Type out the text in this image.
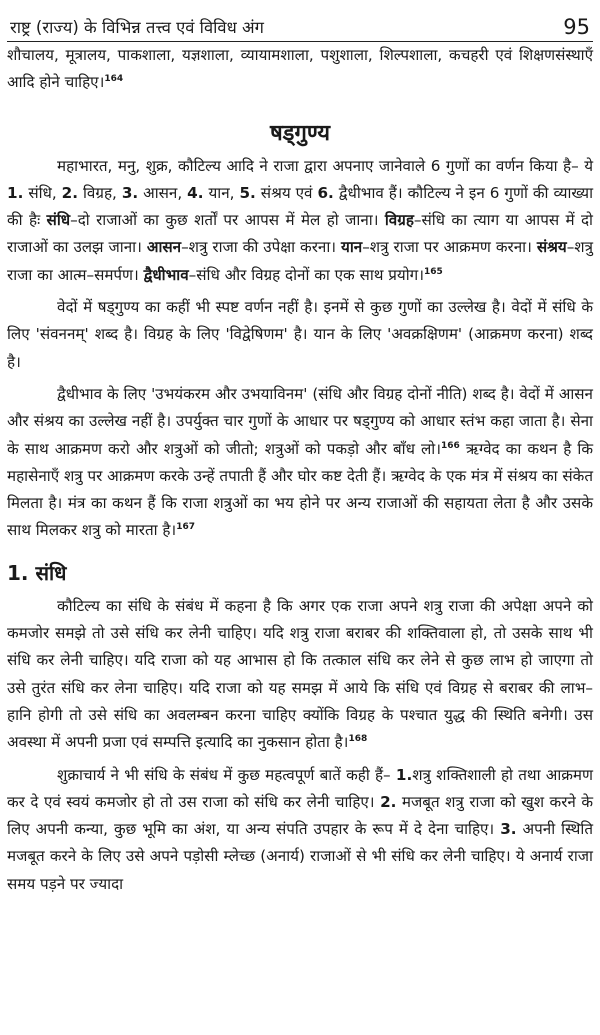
राष्ट्र (राज्य) के विभिन्न तत्त्व एवं विविध अंग	95

शौचालय, मूत्रालय, पाकशाला, यज्ञशाला, व्यायामशाला, पशुशाला, शिल्पशाला, कचहरी एवं शिक्षणसंस्थाएँ आदि होने चाहिए।$^{164}$

षड्गुण्य

महाभारत, मनु, शुक्र, कौटिल्य आदि ने राजा द्वारा अपनाए जानेवाले 6 गुणों का वर्णन किया है– ये 1. संधि, 2. विग्रह, 3. आसन, 4. यान, 5. संश्रय एवं 6. द्वैधीभाव हैं। कौटिल्य ने इन 6 गुणों की व्याख्या की हैः संधि–दो राजाओं का कुछ शर्तों पर आपस में मेल हो जाना। विग्रह–संधि का त्याग या आपस में दो राजाओं का उलझ जाना। आसन–शत्रु राजा की उपेक्षा करना। यान–शत्रु राजा पर आक्रमण करना। संश्रय–शत्रु राजा का आत्म–समर्पण। द्वैधीभाव–संधि और विग्रह दोनों का एक साथ प्रयोग।$^{165}$

वेदों में षड्गुण्य का कहीं भी स्पष्ट वर्णन नहीं है। इनमें से कुछ गुणों का उल्लेख है। वेदों में संधि के लिए 'संवननम्' शब्द है। विग्रह के लिए 'विद्वेषिणम' है। यान के लिए 'अवक्रक्षिणम' (आक्रमण करना) शब्द है।

द्वैधीभाव के लिए 'उभयंकरम और उभयाविनम' (संधि और विग्रह दोनों नीति) शब्द है। वेदों में आसन और संश्रय का उल्लेख नहीं है। उपर्युक्त चार गुणों के आधार पर षड्गुण्य को आधार स्तंभ कहा जाता है। सेना के साथ आक्रमण करो और शत्रुओं को जीतो; शत्रुओं को पकड़ो और बाँध लो।$^{166}$ ऋग्वेद का कथन है कि महासेनाएँ शत्रु पर आक्रमण करके उन्हें तपाती हैं और घोर कष्ट देती हैं। ऋग्वेद के एक मंत्र में संश्रय का संकेत मिलता है। मंत्र का कथन हैं कि राजा शत्रुओं का भय होने पर अन्य राजाओं की सहायता लेता है और उसके साथ मिलकर शत्रु को मारता है।$^{167}$

1. संधि

कौटिल्य का संधि के संबंध में कहना है कि अगर एक राजा अपने शत्रु राजा की अपेक्षा अपने को कमजोर समझे तो उसे संधि कर लेनी चाहिए। यदि शत्रु राजा बराबर की शक्तिवाला हो, तो उसके साथ भी संधि कर लेनी चाहिए। यदि राजा को यह आभास हो कि तत्काल संधि कर लेने से कुछ लाभ हो जाएगा तो उसे तुरंत संधि कर लेना चाहिए। यदि राजा को यह समझ में आये कि संधि एवं विग्रह से बराबर की लाभ–हानि होगी तो उसे संधि का अवलम्बन करना चाहिए क्योंकि विग्रह के पश्चात युद्ध की स्थिति बनेगी। उस अवस्था में अपनी प्रजा एवं सम्पत्ति इत्यादि का नुकसान होता है।$^{168}$

शुक्राचार्य ने भी संधि के संबंध में कुछ महत्वपूर्ण बातें कही हैं– 1.शत्रु शक्तिशाली हो तथा आक्रमण कर दे एवं स्वयं कमजोर हो तो उस राजा को संधि कर लेनी चाहिए। 2. मजबूत शत्रु राजा को खुश करने के लिए अपनी कन्या, कुछ भूमि का अंश, या अन्य संपति उपहार के रूप में दे देना चाहिए। 3. अपनी स्थिति मजबूत करने के लिए उसे अपने पड़ोसी म्लेच्छ (अनार्य) राजाओं से भी संधि कर लेनी चाहिए। ये अनार्य राजा समय पड़ने पर ज्यादा
